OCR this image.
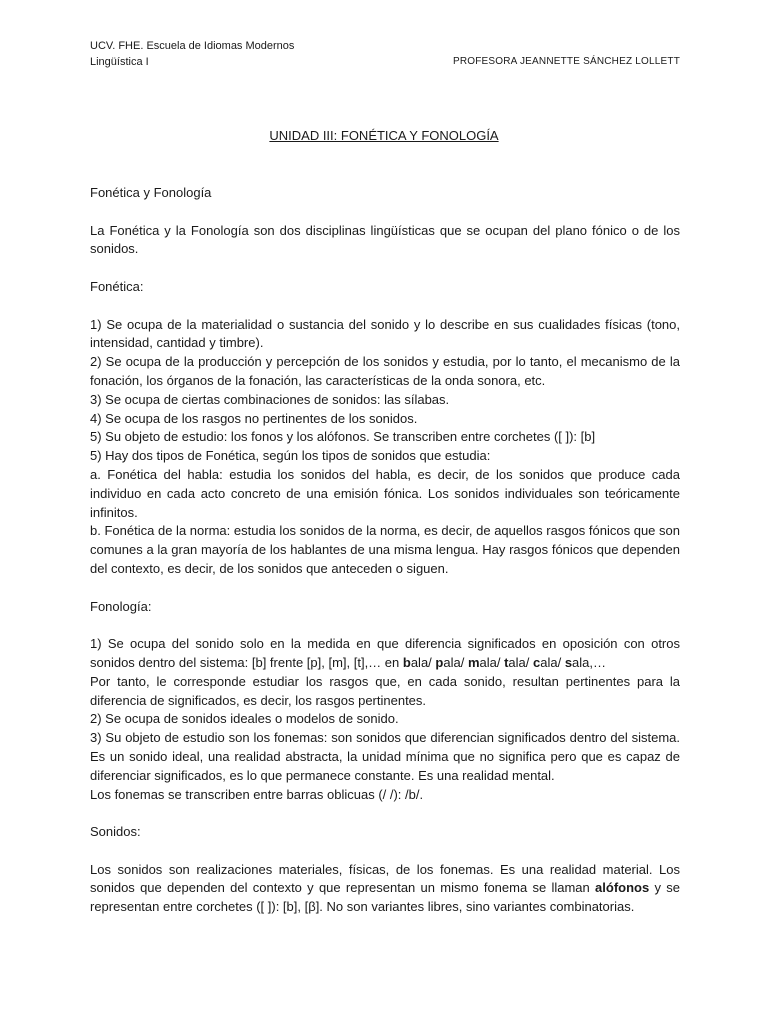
UCV. FHE. Escuela de Idiomas Modernos
Lingüística I	PROFESORA JEANNETTE SÁNCHEZ LOLLETT
UNIDAD III: FONÉTICA Y FONOLOGÍA

Fonética y Fonología

La Fonética y la Fonología son dos disciplinas lingüísticas que se ocupan del plano fónico o de los sonidos.

Fonética:

1) Se ocupa de la materialidad o sustancia del sonido y lo describe en sus cualidades físicas (tono, intensidad, cantidad y timbre).

2) Se ocupa de la producción y percepción de los sonidos y estudia, por lo tanto, el mecanismo de la fonación, los órganos de la fonación, las características de la onda sonora, etc.

3) Se ocupa de ciertas combinaciones de sonidos: las sílabas.

4) Se ocupa de los rasgos no pertinentes de los sonidos.

5) Su objeto de estudio: los fonos y los alófonos. Se transcriben entre corchetes ([ ]): [b]

5) Hay dos tipos de Fonética, según los tipos de sonidos que estudia:

a. Fonética del habla: estudia los sonidos del habla, es decir, de los sonidos que produce cada individuo en cada acto concreto de una emisión fónica. Los sonidos individuales son teóricamente infinitos.

b. Fonética de la norma: estudia los sonidos de la norma, es decir, de aquellos rasgos fónicos que son comunes a la gran mayoría de los hablantes de una misma lengua. Hay rasgos fónicos que dependen del contexto, es decir, de los sonidos que anteceden o siguen.

Fonología:

1) Se ocupa del sonido solo en la medida en que diferencia significados en oposición con otros sonidos dentro del sistema: [b] frente [p], [m], [t],… en bala/ pala/ mala/ tala/ cala/ sala,…

Por tanto, le corresponde estudiar los rasgos que, en cada sonido, resultan pertinentes para la diferencia de significados, es decir, los rasgos pertinentes.

2) Se ocupa de sonidos ideales o modelos de sonido.

3) Su objeto de estudio son los fonemas: son sonidos que diferencian significados dentro del sistema. Es un sonido ideal, una realidad abstracta, la unidad mínima que no significa pero que es capaz de diferenciar significados, es lo que permanece constante. Es una realidad mental.

Los fonemas se transcriben entre barras oblicuas (/ /): /b/.

Sonidos:

Los sonidos son realizaciones materiales, físicas, de los fonemas. Es una realidad material. Los sonidos que dependen del contexto y que representan un mismo fonema se llaman alófonos y se representan entre corchetes ([ ]): [b], [β]. No son variantes libres, sino variantes combinatorias.
